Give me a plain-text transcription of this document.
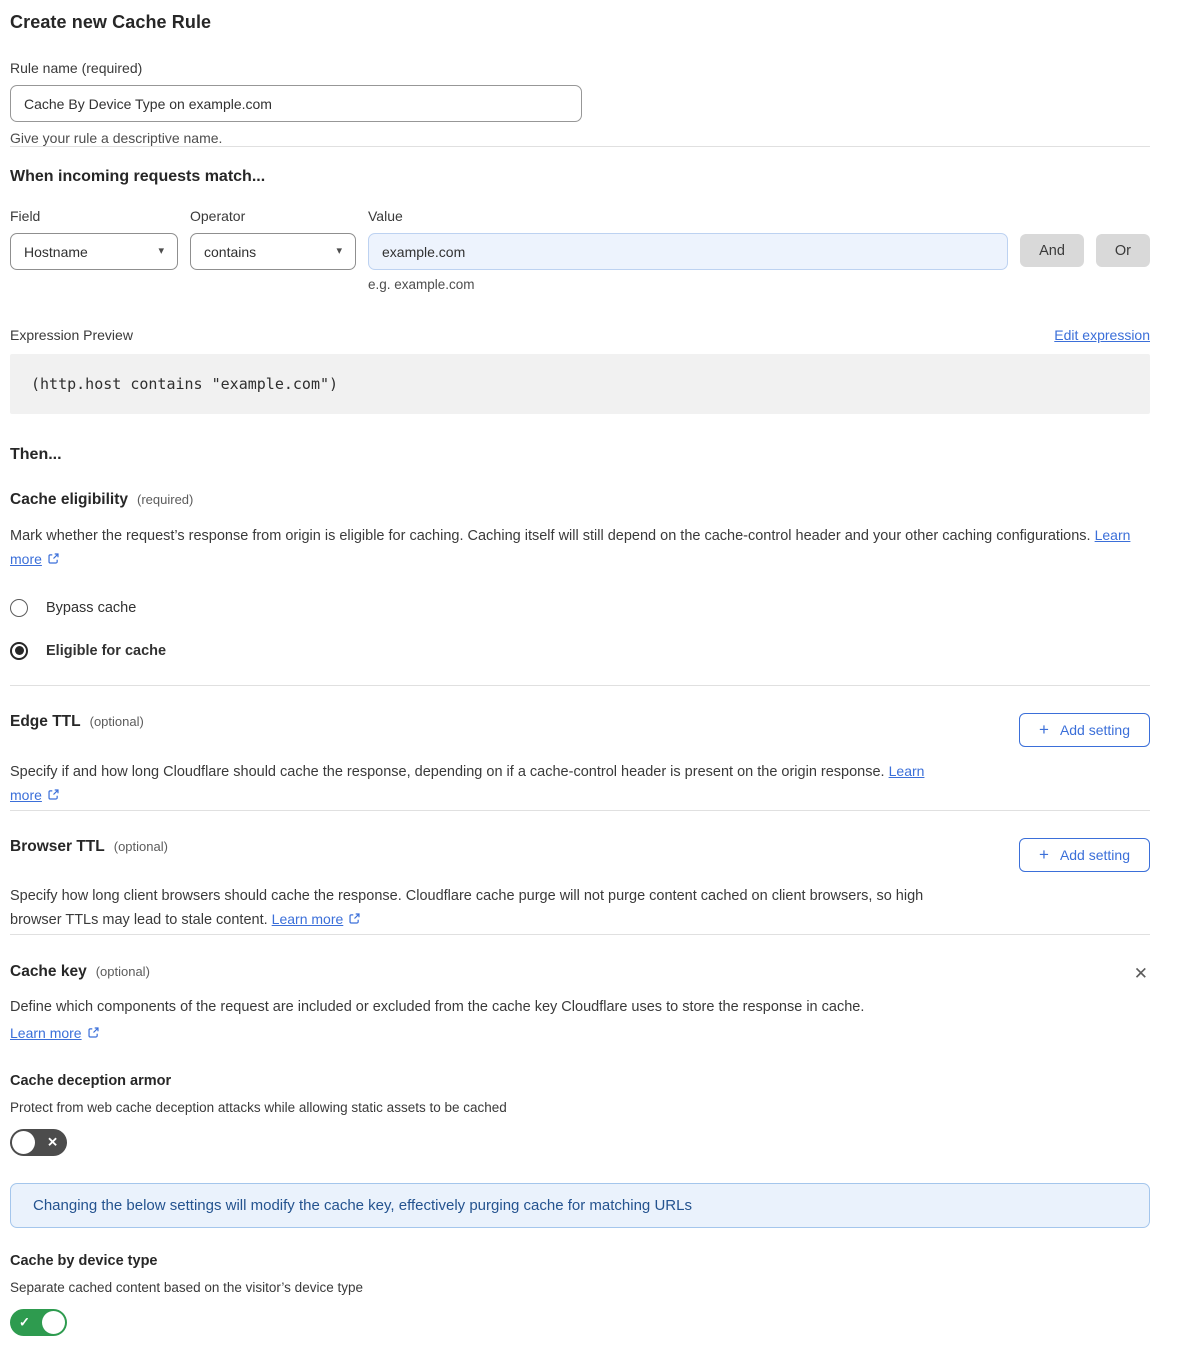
Create new Cache Rule
Rule name (required)
Cache By Device Type on example.com
Give your rule a descriptive name.
When incoming requests match...
Field
Hostname	▾
Operator
contains	▾
Value
example.com
e.g. example.com
And	Or
Expression Preview	Edit expression
(http.host contains "example.com")
Then...
Cache eligibility (required)

Mark whether the request’s response from origin is eligible for caching. Caching itself will still depend on the cache-control header and your other caching configurations. Learn more

Bypass cache
Eligible for cache
Edge TTL (optional)	+ Add setting

Specify if and how long Cloudflare should cache the response, depending on if a cache-control header is present on the origin response. Learn more

Browser TTL (optional)	+ Add setting

Specify how long client browsers should cache the response. Cloudflare cache purge will not purge content cached on client browsers, so high browser TTLs may lead to stale content. Learn more

Cache key (optional)	✕

Define which components of the request are included or excluded from the cache key Cloudflare uses to store the response in cache.

Learn more
Cache deception armor
Protect from web cache deception attacks while allowing static assets to be cached
✕
Changing the below settings will modify the cache key, effectively purging cache for matching URLs
Cache by device type
Separate cached content based on the visitor’s device type
✓
